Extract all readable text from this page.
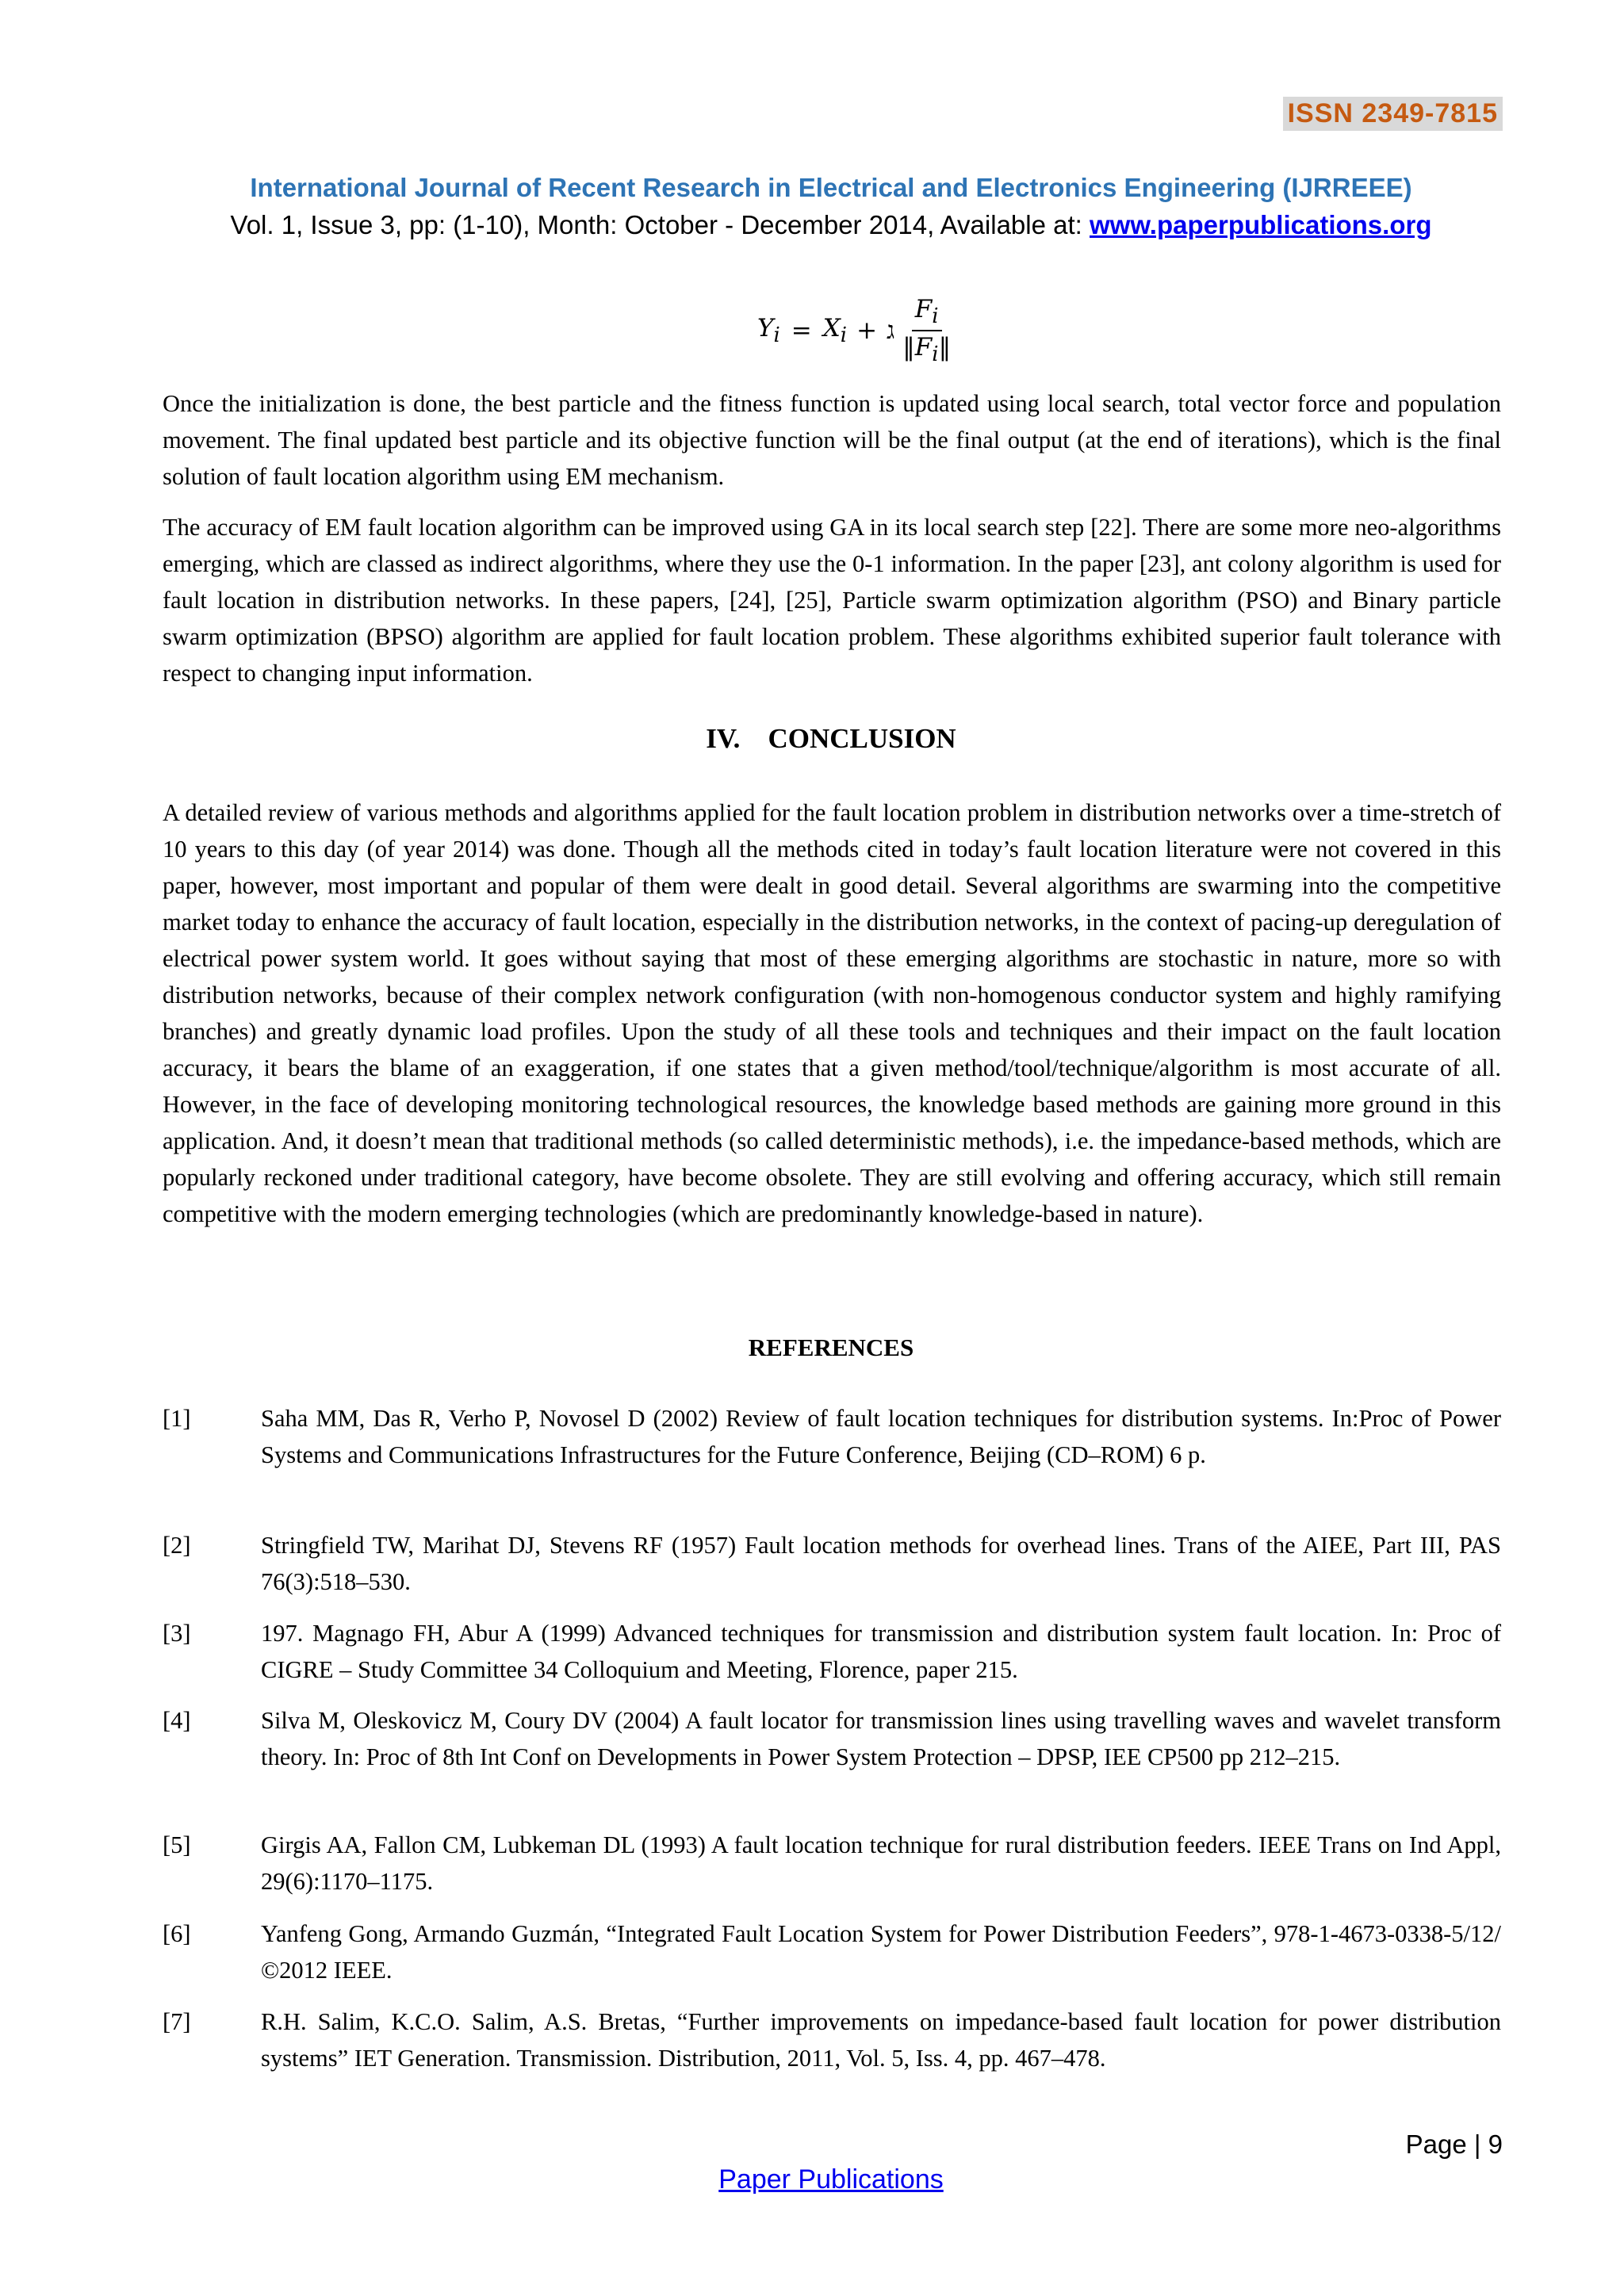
ISSN 2349-7815
International Journal of Recent Research in Electrical and Electronics Engineering (IJRREEE)
Vol. 1, Issue 3, pp: (1-10), Month: October - December 2014, Available at: www.paperpublications.org
$Y_i = X_i$ + ג $\frac{F_i}{‖F_i‖}$

Once the initialization is done, the best particle and the fitness function is updated using local search, total vector force and population movement. The final updated best particle and its objective function will be the final output (at the end of iterations), which is the final solution of fault location algorithm using EM mechanism.

The accuracy of EM fault location algorithm can be improved using GA in its local search step [22]. There are some more neo-algorithms emerging, which are classed as indirect algorithms, where they use the 0-1 information. In the paper [23], ant colony algorithm is used for fault location in distribution networks. In these papers, [24], [25], Particle swarm optimization algorithm (PSO) and Binary particle swarm optimization (BPSO) algorithm are applied for fault location problem. These algorithms exhibited superior fault tolerance with respect to changing input information.

IV. CONCLUSION

A detailed review of various methods and algorithms applied for the fault location problem in distribution networks over a time-stretch of 10 years to this day (of year 2014) was done. Though all the methods cited in today’s fault location literature were not covered in this paper, however, most important and popular of them were dealt in good detail. Several algorithms are swarming into the competitive market today to enhance the accuracy of fault location, especially in the distribution networks, in the context of pacing-up deregulation of electrical power system world. It goes without saying that most of these emerging algorithms are stochastic in nature, more so with distribution networks, because of their complex network configuration (with non-homogenous conductor system and highly ramifying branches) and greatly dynamic load profiles. Upon the study of all these tools and techniques and their impact on the fault location accuracy, it bears the blame of an exaggeration, if one states that a given method/tool/technique/algorithm is most accurate of all. However, in the face of developing monitoring technological resources, the knowledge based methods are gaining more ground in this application. And, it doesn’t mean that traditional methods (so called deterministic methods), i.e. the impedance-based methods, which are popularly reckoned under traditional category, have become obsolete. They are still evolving and offering accuracy, which still remain competitive with the modern emerging technologies (which are predominantly knowledge-based in nature).

REFERENCES
[1]	Saha MM, Das R, Verho P, Novosel D (2002) Review of fault location techniques for distribution systems. In:Proc of Power Systems and Communications Infrastructures for the Future Conference, Beijing (CD–ROM) 6 p.
[2]	Stringfield TW, Marihat DJ, Stevens RF (1957) Fault location methods for overhead lines. Trans of the AIEE, Part III, PAS 76(3):518–530.
[3]	197. Magnago FH, Abur A (1999) Advanced techniques for transmission and distribution system fault location. In: Proc of CIGRE – Study Committee 34 Colloquium and Meeting, Florence, paper 215.
[4]	Silva M, Oleskovicz M, Coury DV (2004) A fault locator for transmission lines using travelling waves and wavelet transform theory. In: Proc of 8th Int Conf on Developments in Power System Protection – DPSP, IEE CP500 pp 212–215.
[5]	Girgis AA, Fallon CM, Lubkeman DL (1993) A fault location technique for rural distribution feeders. IEEE Trans on Ind Appl, 29(6):1170–1175.
[6]	Yanfeng Gong, Armando Guzmán, “Integrated Fault Location System for Power Distribution Feeders”, 978-1-4673-0338-5/12/ ©2012 IEEE.
[7]	R.H. Salim, K.C.O. Salim, A.S. Bretas, “Further improvements on impedance-based fault location for power distribution systems” IET Generation. Transmission. Distribution, 2011, Vol. 5, Iss. 4, pp. 467–478.
Page | 9
Paper Publications
